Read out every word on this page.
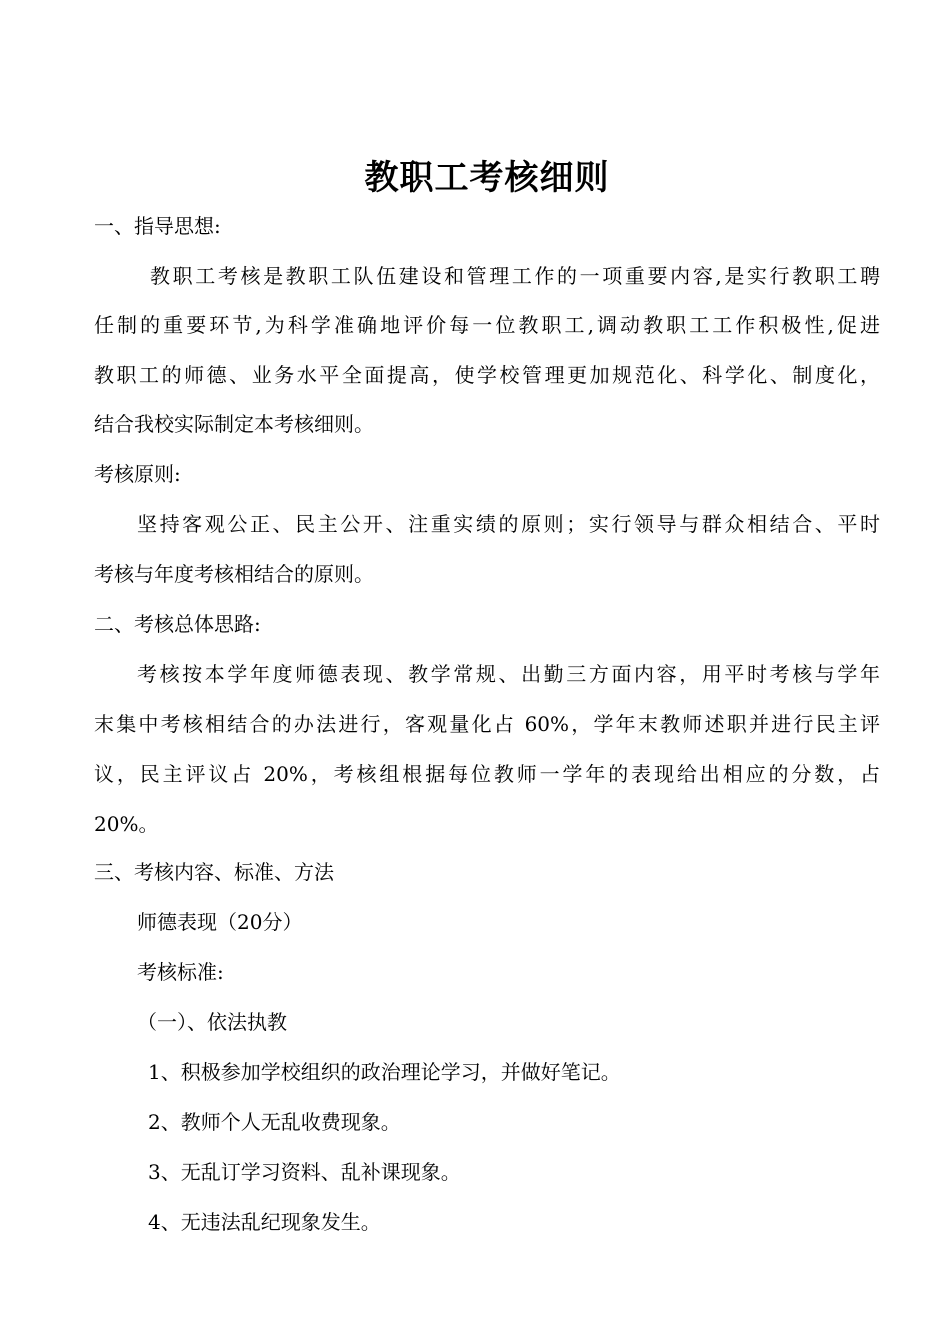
教职工考核细则
一、指导思想:
教职工考核是教职工队伍建设和管理工作的一项重要内容,是实行教职工聘
任制的重要环节,为科学准确地评价每一位教职工,调动教职工工作积极性,促进
教职工的师德、业务水平全面提高，使学校管理更加规范化、科学化、制度化，
结合我校实际制定本考核细则。
考核原则:
坚持客观公正、民主公开、注重实绩的原则；实行领导与群众相结合、平时
考核与年度考核相结合的原则。
二、考核总体思路:
考核按本学年度师德表现、教学常规、出勤三方面内容，用平时考核与学年
末集中考核相结合的办法进行，客观量化占 60%，学年末教师述职并进行民主评
议，民主评议占 20%，考核组根据每位教师一学年的表现给出相应的分数，占
20%。
三、考核内容、标准、方法
师德表现（20分）
考核标准:
（一）、依法执教
1、积极参加学校组织的政治理论学习，并做好笔记。
2、教师个人无乱收费现象。
3、无乱订学习资料、乱补课现象。
4、无违法乱纪现象发生。
